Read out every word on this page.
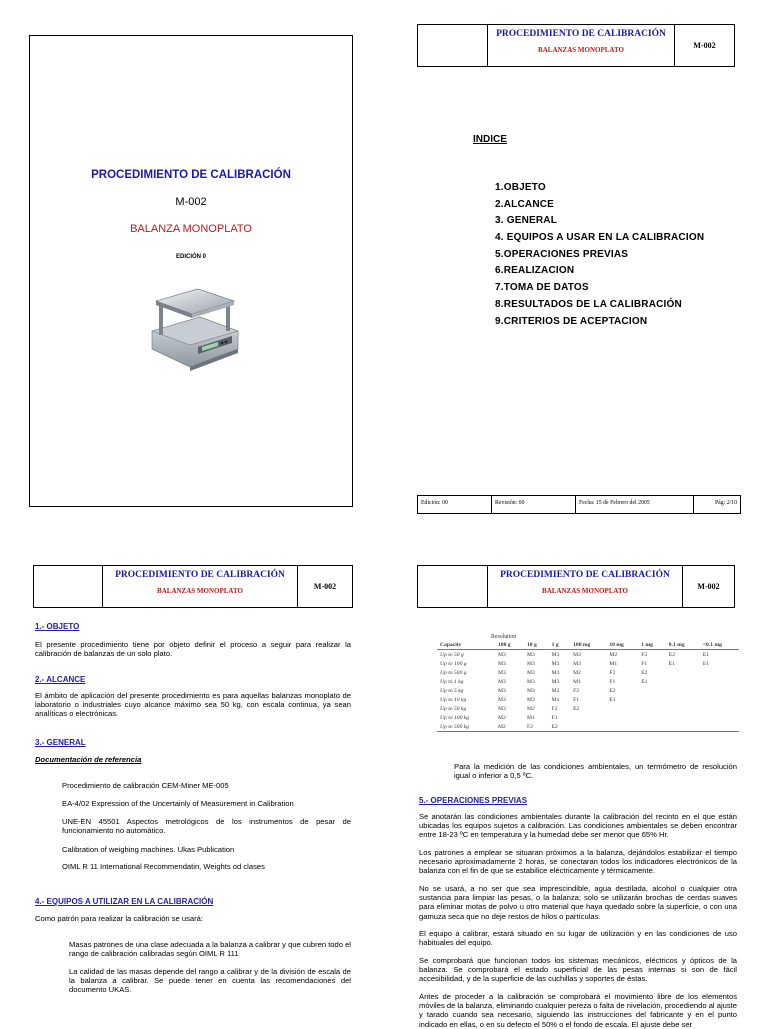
PROCEDIMIENTO DE CALIBRACIÓN
M-002
BALANZA MONOPLATO
EDICIÓN 0
PROCEDIMIENTO DE CALIBRACIÓN
BALANZAS MONOPLATO	M-002
INDICE
1.OBJETO
2.ALCANCE
3. GENERAL
4. EQUIPOS A USAR EN LA CALIBRACION
5.OPERACIONES PREVIAS
6.REALIZACION
7.TOMA DE DATOS
8.RESULTADOS DE LA CALIBRACIÓN
9.CRITERIOS DE ACEPTACION
Edición: 00	Revisión: 00	Fecha: 15 de Febrero del 2005	Pág: 2/10
PROCEDIMIENTO DE CALIBRACIÓN
BALANZAS MONOPLATO	M-002
1.- OBJETO
El presente procedimiento tiene por objeto definir el proceso a seguir para realizar la calibración de balanzas de un solo plato.
2.- ALCANCE
El ámbito de aplicación del presente procedimiento es para aquellas balanzas monoplato de laboratorio o industriales cuyo alcance máximo sea 50 kg, con escala continua, ya sean analíticas o electrónicas.
3.- GENERAL
Documentación de referencia
Procedimiento de calibración CEM-Miner ME-005
EA-4/02 Expression of the Uncertainly of Measurement in Calibration
UNE-EN 45501 Aspectos metrológicos de los instrumentos de pesar de funcionamiento no automático.
Calibration of weighing machines. Ukas Publication
OIML R 11 International Recommendatin, Weights od clases
4.- EQUIPOS A UTILIZAR EN LA CALIBRACIÓN
Como patrón para realizar la calibración se usará:
Masas patrones de una clase adecuada a la balanza a calibrar y que cubren todo el rango de calibración calibradas según OIML R 111
La calidad de las masas depende del rango a calibrar y de la división de escala de la balanza a calibrar. Se puede tener en cuenta las recomendaciones del documento UKAS.
PROCEDIMIENTO DE CALIBRACIÓN
BALANZAS MONOPLATO	M-002
Resolution
Capacity	100 g	10 g	1 g	100 mg	10 mg	1 mg	0.1 mg	<0.1 mg
Up to 50 g	M3	M3	M3	M3	M2	F2	E2	E1
Up to 100 g	M3	M3	M3	M3	M1	F1	E1	E1
Up to 500 g	M3	M3	M3	M2	F2	E2		
Up to 1 kg	M3	M3	M3	M1	F1	E1		
Up to 5 kg	M3	M3	M2	F2	E2			
Up to 10 kg	M3	M3	M1	F1	E1			
Up to 50 kg	M3	M2	F2	E2				
Up to 100 kg	M2	M1	F1					
Up to 500 kg	M2	F2	E2					
Para la medición de las condiciones ambientales, un termómetro de resolución igual o inferior a 0,5 ºC.
5.- OPERACIONES PREVIAS
Se anotarán las condiciones ambientales durante la calibración del recinto en el que están ubicadas los equipos sujetos a calibración. Las condiciones ambientales se deben encontrar entre 18-23 ºC en temperatura y la humedad debe ser menor que 65% Hr.
Los patrones a emplear se situaran próximos a la balanza, dejándolos estabilizar el tiempo necesario aproximadamente 2 horas, se conectaran todos los indicadores electrónicos de la balanza con el fin de que se estabilice eléctricamente y térmicamente.
No se usará, a no ser que sea imprescindible, agua destilada, alcohol o cualquier otra sustancia para limpiar las pesas, o la balanza; solo se utilizarán brochas de cerdas suaves para eliminar motas de polvo u otro material que haya quedado sobre la superficie, o con una gamuza seca que no deje restos de hilos o partículas.
El equipo a calibrar, estará situado en su lugar de utilización y en las condiciones de uso habituales del equipo.
Se comprobará que funcionan todos los sistemas mecánicos, eléctricos y ópticos de la balanza. Se comprobará el estado superficial de las pesas internas si son de fácil accesibilidad, y de la superficie de las cuchillas y soportes de éstas.
Antes de proceder a la calibración se comprobará el movimiento libre de los elementos móviles de la balanza, eliminando cualquier pereza o falta de nivelación, procediendo al ajuste y tarado cuando sea necesario, siguiendo las instrucciones del fabricante y en el punto indicado en ellas, o en su defecto el 50% o el fondo de escala. El ajuste debe ser
